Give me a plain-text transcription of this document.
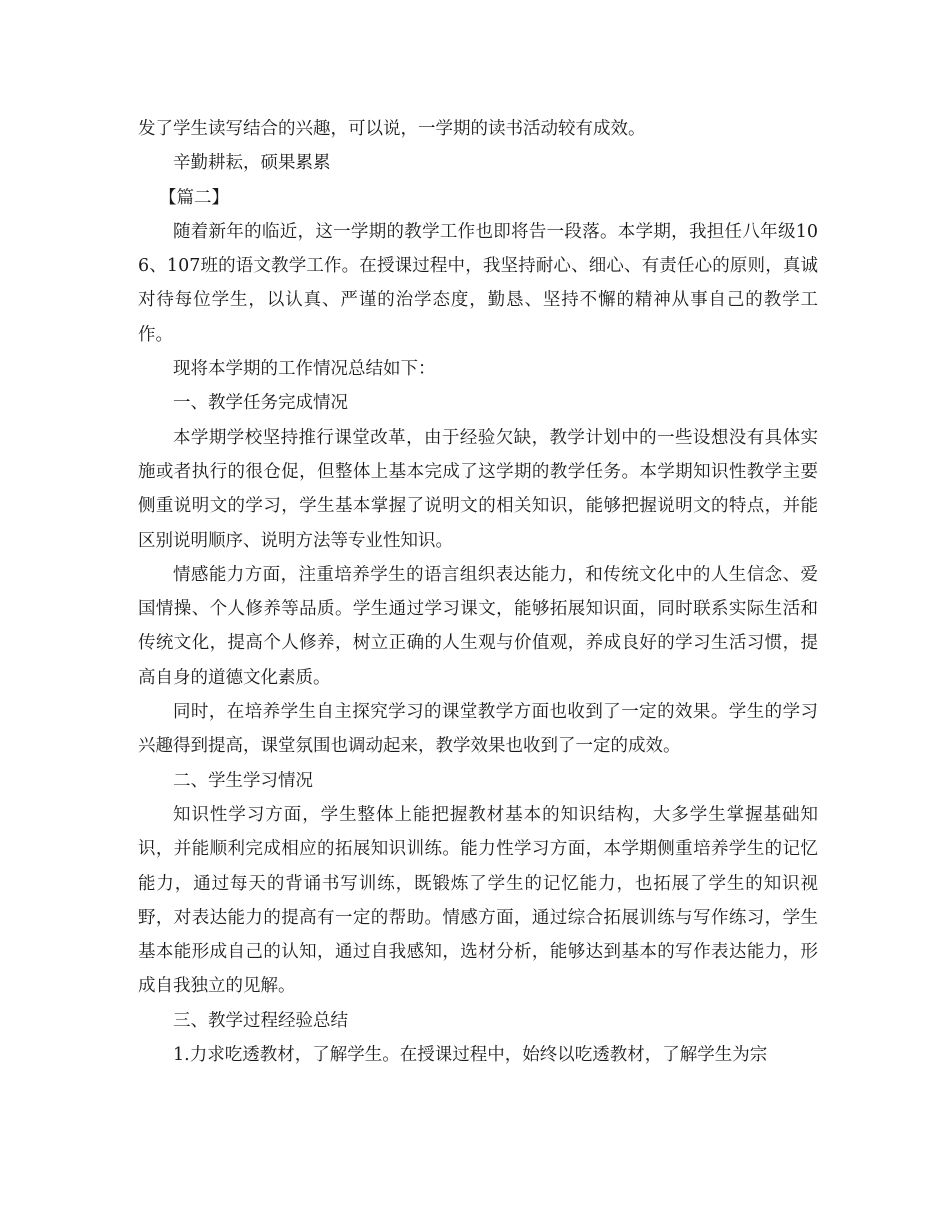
发了学生读写结合的兴趣，可以说，一学期的读书活动较有成效。

辛勤耕耘，硕果累累

【篇二】

随着新年的临近，这一学期的教学工作也即将告一段落。本学期，我担任八年级106、107班的语文教学工作。在授课过程中，我坚持耐心、细心、有责任心的原则，真诚对待每位学生，以认真、严谨的治学态度，勤恳、坚持不懈的精神从事自己的教学工作。

现将本学期的工作情况总结如下：

一、教学任务完成情况

本学期学校坚持推行课堂改革，由于经验欠缺，教学计划中的一些设想没有具体实施或者执行的很仓促，但整体上基本完成了这学期的教学任务。本学期知识性教学主要侧重说明文的学习，学生基本掌握了说明文的相关知识，能够把握说明文的特点，并能区别说明顺序、说明方法等专业性知识。

情感能力方面，注重培养学生的语言组织表达能力，和传统文化中的人生信念、爱国情操、个人修养等品质。学生通过学习课文，能够拓展知识面，同时联系实际生活和传统文化，提高个人修养，树立正确的人生观与价值观，养成良好的学习生活习惯，提高自身的道德文化素质。

同时，在培养学生自主探究学习的课堂教学方面也收到了一定的效果。学生的学习兴趣得到提高，课堂氛围也调动起来，教学效果也收到了一定的成效。

二、学生学习情况

知识性学习方面，学生整体上能把握教材基本的知识结构，大多学生掌握基础知识，并能顺利完成相应的拓展知识训练。能力性学习方面，本学期侧重培养学生的记忆能力，通过每天的背诵书写训练，既锻炼了学生的记忆能力，也拓展了学生的知识视野，对表达能力的提高有一定的帮助。情感方面，通过综合拓展训练与写作练习，学生基本能形成自己的认知，通过自我感知，选材分析，能够达到基本的写作表达能力，形成自我独立的见解。

三、教学过程经验总结

1.力求吃透教材，了解学生。在授课过程中，始终以吃透教材，了解学生为宗
